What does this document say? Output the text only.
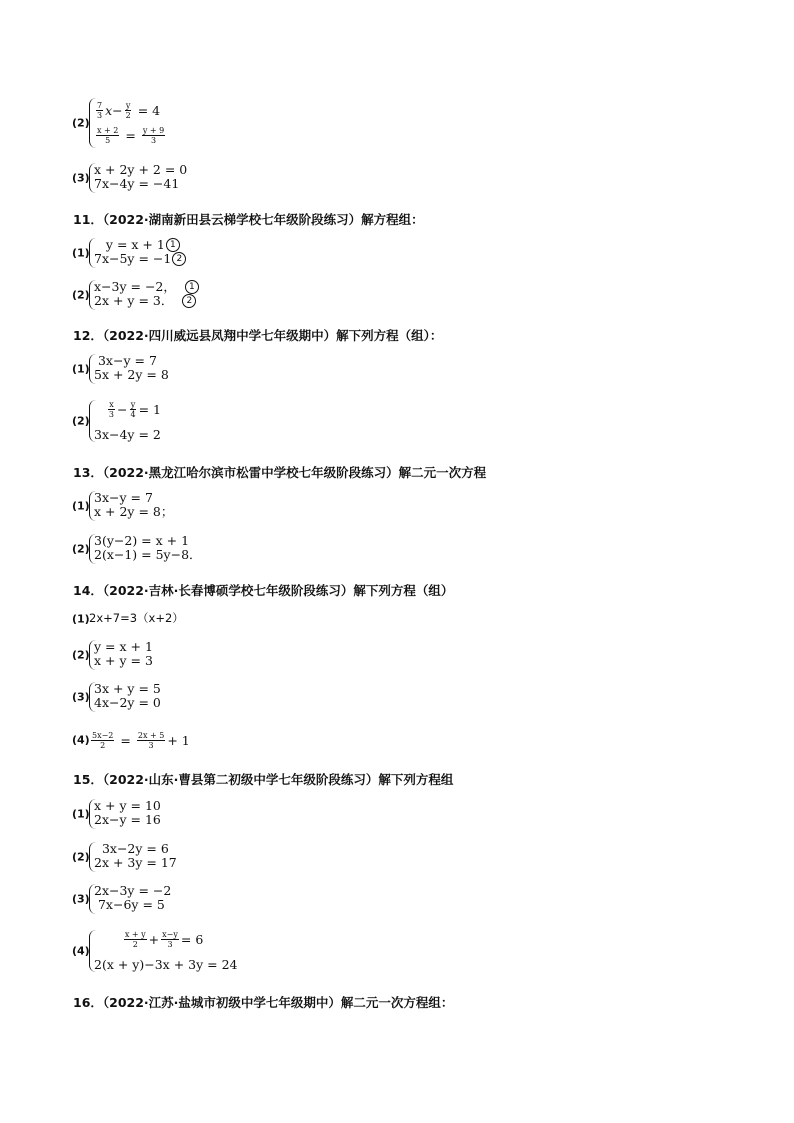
(2)
$\frac{7}{3}$ $x - \frac{y}{2}$
= 4
$\frac{x + 2}{5}$
=
$\frac{y + 9}{3}$
(3)
x + 2y + 2 = 0
7x−4y = −41
11．（2022·湖南新田县云梯学校七年级阶段练习）解方程组：
(1)

y = x + 1 1
7x−5y = −1 2
(2)
x−3y = −2，
	1
2x + y = 3．
	2
12．（2022·四川威远县凤翔中学七年级期中）解下列方程（组）：
(1)

3x−y = 7
5x + 2y = 8
(2)

$\frac{x}{3} - \frac{y}{4} = 1$
3x−4y = 2
13．（2022·黑龙江哈尔滨市松雷中学校七年级阶段练习）解二元一次方程
(1)
3x−y = 7
x + 2y = 8；
(2)
3(y−2) = x + 1
2(x−1) = 5y−8．
14．（2022·吉林·长春博硕学校七年级阶段练习）解下列方程（组）
(1) 2x+7=3（x+2）
(2)
y = x + 1
x + y = 3
(3)
3x + y = 5
4x−2y = 0
$(4) \frac{5x-2}{2}$
=
$\frac{2x + 5}{3} + 1$
15．（2022·山东·曹县第二初级中学七年级阶段练习）解下列方程组
(1)
x + y = 10
2x−y = 16
(2)

3x−2y = 6
2x + 3y = 17
(3)
2x−3y = −2

7x−6y = 5
(4)

$\frac{x + y}{2} + \frac{x-y}{3} = 6$
2(x + y)−3x + 3y = 24
16．（2022·江苏·盐城市初级中学七年级期中）解二元一次方程组：
